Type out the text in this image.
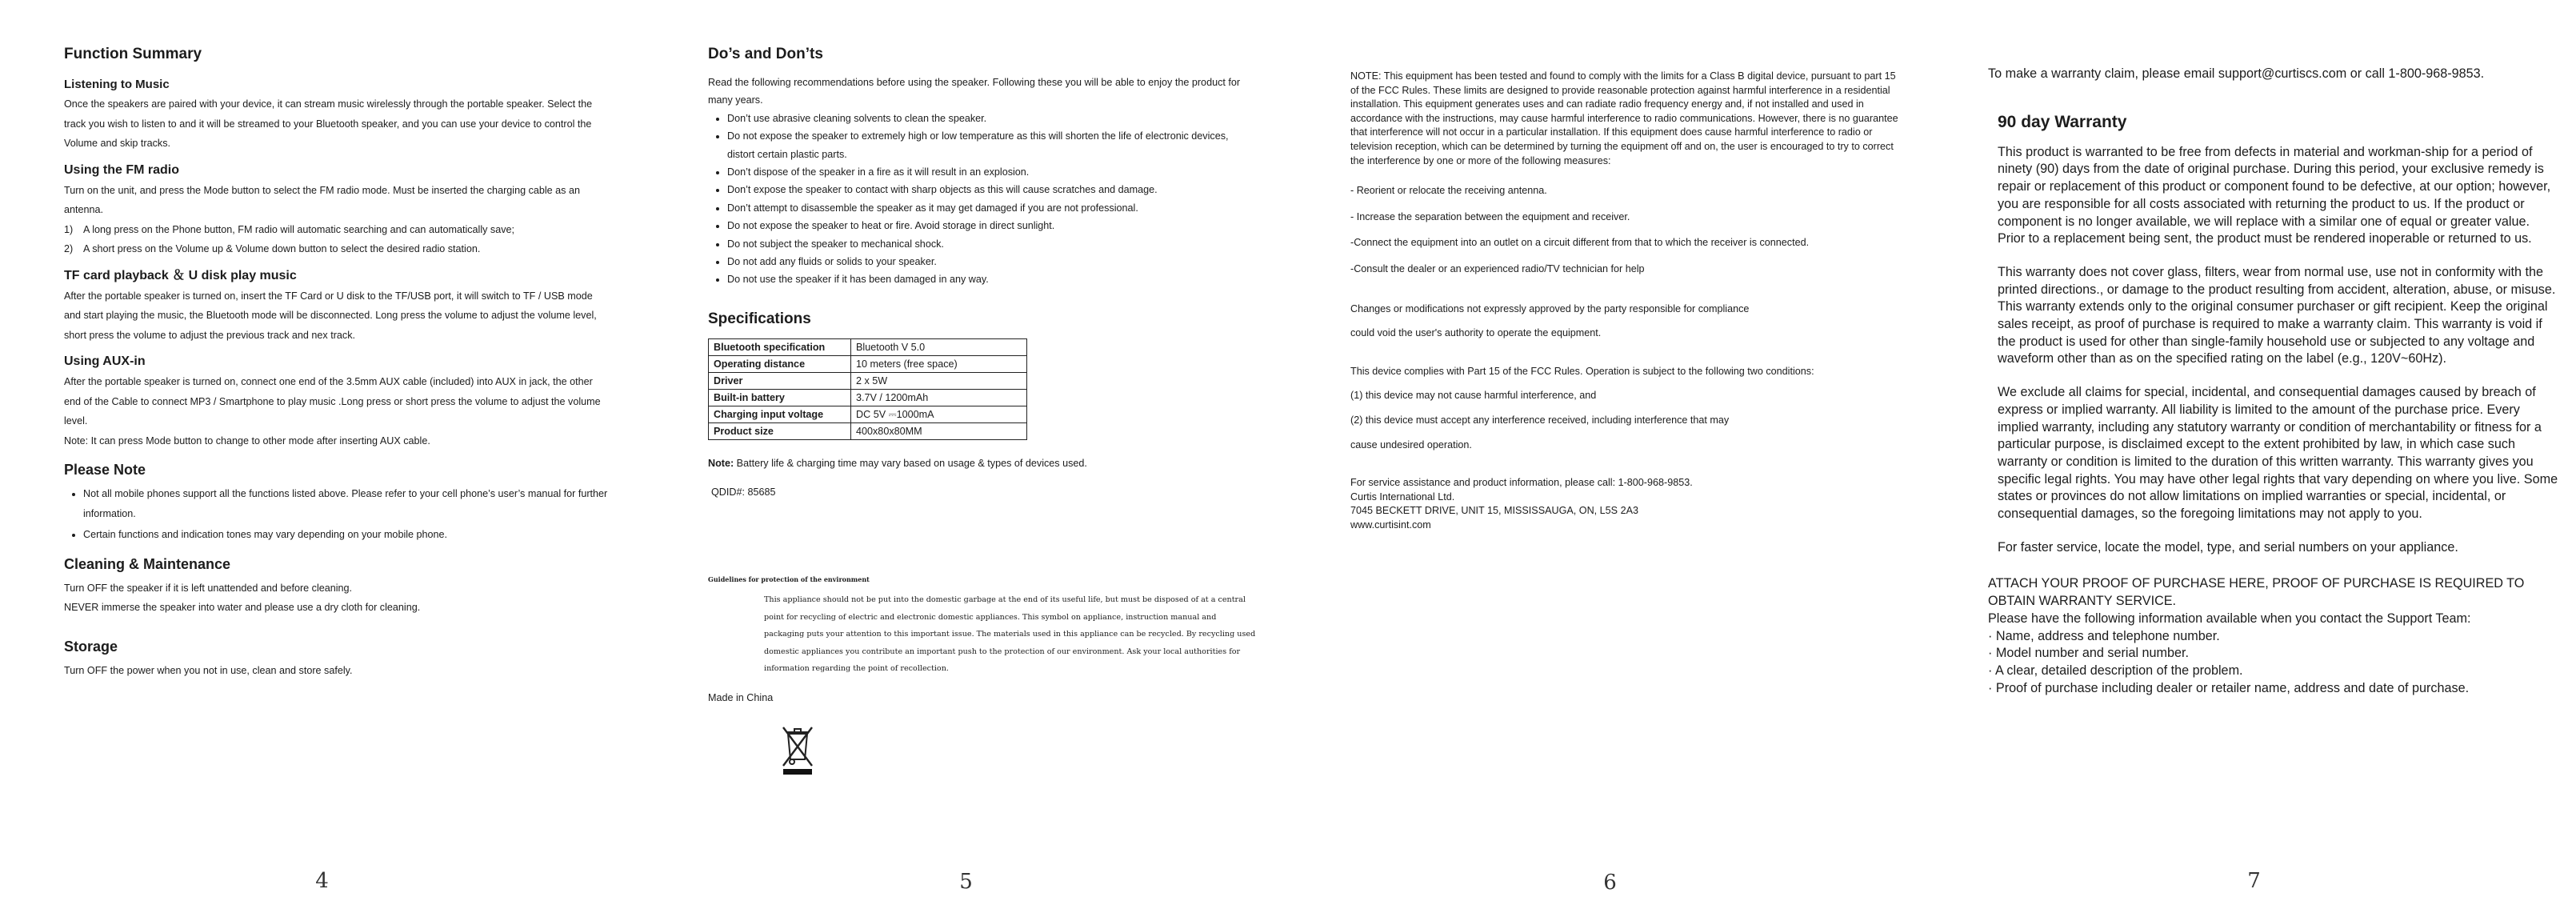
Function Summary
Listening to Music

Once the speakers are paired with your device, it can stream music wirelessly through the portable speaker. Select the track you wish to listen to and it will be streamed to your Bluetooth speaker, and you can use your device to control the Volume and skip tracks.

Using the FM radio

Turn on the unit, and press the Mode button to select the FM radio mode. Must be inserted the charging cable as an antenna.

1)	A long press on the Phone button, FM radio will automatic searching and can automatically save;
2)	A short press on the Volume up & Volume down button to select the desired radio station.
TF card playback ＆ U disk play music

After the portable speaker is turned on, insert the TF Card or U disk to the TF/USB port, it will switch to TF / USB mode and start playing the music, the Bluetooth mode will be disconnected. Long press the volume to adjust the volume level, short press the volume to adjust the previous track and nex track.

Using AUX-in

After the portable speaker is turned on, connect one end of the 3.5mm AUX cable (included) into AUX in jack, the other end of the Cable to connect MP3 / Smartphone to play music .Long press or short press the volume to adjust the volume level.

Note: It can press Mode button to change to other mode after inserting AUX cable.

Please Note
• Not all mobile phones support all the functions listed above. Please refer to your cell phone’s user’s manual for further information.
• Certain functions and indication tones may vary depending on your mobile phone.
Cleaning & Maintenance

Turn OFF the speaker if it is left unattended and before cleaning.

NEVER immerse the speaker into water and please use a dry cloth for cleaning.

Storage

Turn OFF the power when you not in use, clean and store safely.

4
Do’s and Don’ts

Read the following recommendations before using the speaker. Following these you will be able to enjoy the product for many years.

• Don’t use abrasive cleaning solvents to clean the speaker.
• Do not expose the speaker to extremely high or low temperature as this will shorten the life of electronic devices, distort certain plastic parts.
• Don’t dispose of the speaker in a fire as it will result in an explosion.
• Don’t expose the speaker to contact with sharp objects as this will cause scratches and damage.
• Don’t attempt to disassemble the speaker as it may get damaged if you are not professional.
• Do not expose the speaker to heat or fire. Avoid storage in direct sunlight.
• Do not subject the speaker to mechanical shock.
• Do not add any fluids or solids to your speaker.
• Do not use the speaker if it has been damaged in any way.
Specifications
Bluetooth specification	Bluetooth V 5.0
Operating distance	10 meters (free space)
Driver	2 x 5W
Built-in battery	3.7V / 1200mAh
Charging input voltage	DC 5V ⎓1000mA
Product size	400x80x80MM

Note: Battery life & charging time may vary based on usage & types of devices used.

QDID#: 85685

Guidelines for protection of the environment
This appliance should not be put into the domestic garbage at the end of its useful life, but must be disposed of at a central point for recycling of electric and electronic domestic appliances. This symbol on appliance, instruction manual and packaging puts your attention to this important issue. The materials used in this appliance can be recycled. By recycling used domestic appliances you contribute an important push to the protection of our environment. Ask your local authorities for information regarding the point of recollection.

Made in China

5

NOTE: This equipment has been tested and found to comply with the limits for a Class B digital device, pursuant to part 15 of the FCC Rules. These limits are designed to provide reasonable protection against harmful interference in a residential installation. This equipment generates uses and can radiate radio frequency energy and, if not installed and used in accordance with the instructions, may cause harmful interference to radio communications. However, there is no guarantee that interference will not occur in a particular installation. If this equipment does cause harmful interference to radio or television reception, which can be determined by turning the equipment off and on, the user is encouraged to try to correct the interference by one or more of the following measures:

- Reorient or relocate the receiving antenna.

- Increase the separation between the equipment and receiver.

-Connect the equipment into an outlet on a circuit different from that to which the receiver is connected.

-Consult the dealer or an experienced radio/TV technician for help

Changes or modifications not expressly approved by the party responsible for compliance

could void the user's authority to operate the equipment.

This device complies with Part 15 of the FCC Rules. Operation is subject to the following two conditions:

(1) this device may not cause harmful interference, and

(2) this device must accept any interference received, including interference that may

cause undesired operation.

For service assistance and product information, please call: 1-800-968-9853.

Curtis International Ltd.

7045 BECKETT DRIVE, UNIT 15, MISSISSAUGA, ON, L5S 2A3

www.curtisint.com

6

To make a warranty claim, please email support@curtiscs.com or call 1-800-968-9853.

90 day Warranty

This product is warranted to be free from defects in material and workman-ship for a period of ninety (90) days from the date of original purchase. During this period, your exclusive remedy is repair or replacement of this product or component found to be defective, at our option; however, you are responsible for all costs associated with returning the product to us. If the product or component is no longer available, we will replace with a similar one of equal or greater value. Prior to a replacement being sent, the product must be rendered inoperable or returned to us.

This warranty does not cover glass, filters, wear from normal use, use not in conformity with the printed directions., or damage to the product resulting from accident, alteration, abuse, or misuse. This warranty extends only to the original consumer purchaser or gift recipient. Keep the original sales receipt, as proof of purchase is required to make a warranty claim. This warranty is void if the product is used for other than single-family household use or subjected to any voltage and waveform other than as on the specified rating on the label (e.g., 120V~60Hz).

We exclude all claims for special, incidental, and consequential damages caused by breach of express or implied warranty. All liability is limited to the amount of the purchase price. Every implied warranty, including any statutory warranty or condition of merchantability or fitness for a particular purpose, is disclaimed except to the extent prohibited by law, in which case such warranty or condition is limited to the duration of this written warranty. This warranty gives you specific legal rights. You may have other legal rights that vary depending on where you live. Some states or provinces do not allow limitations on implied warranties or special, incidental, or consequential damages, so the foregoing limitations may not apply to you.

For faster service, locate the model, type, and serial numbers on your appliance.

ATTACH YOUR PROOF OF PURCHASE HERE, PROOF OF PURCHASE IS REQUIRED TO OBTAIN WARRANTY SERVICE.

Please have the following information available when you contact the Support Team:

· Name, address and telephone number.
· Model number and serial number.
· A clear, detailed description of the problem.
· Proof of purchase including dealer or retailer name, address and date of purchase.
7
